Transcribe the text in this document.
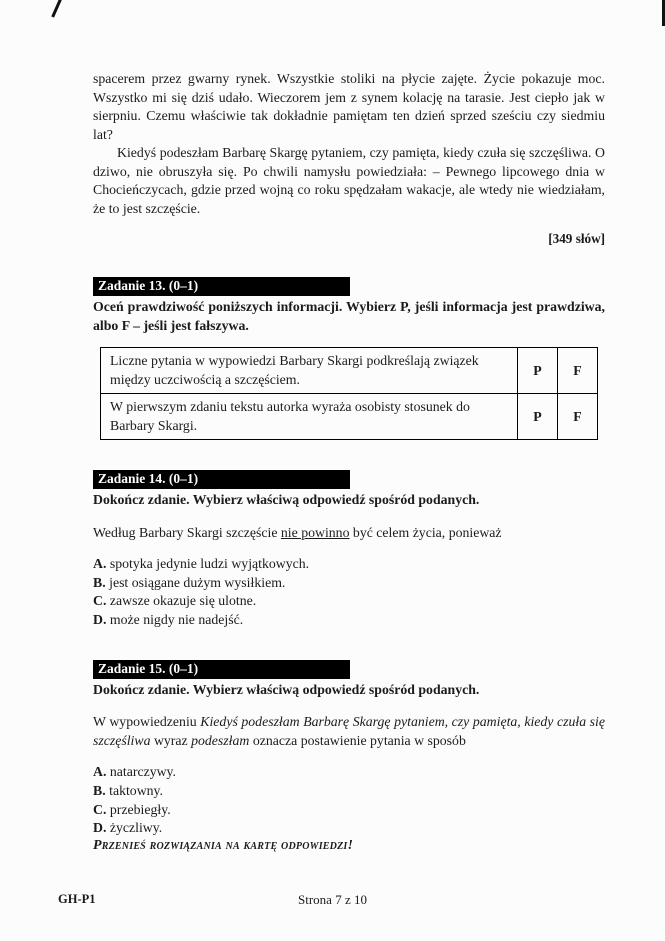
spacerem przez gwarny rynek. Wszystkie stoliki na płycie zajęte. Życie pokazuje moc. Wszystko mi się dziś udało. Wieczorem jem z synem kolację na tarasie. Jest ciepło jak w sierpniu. Czemu właściwie tak dokładnie pamiętam ten dzień sprzed sześciu czy siedmiu lat?

Kiedyś podeszłam Barbarę Skargę pytaniem, czy pamięta, kiedy czuła się szczęśliwa. O dziwo, nie obruszyła się. Po chwili namysłu powiedziała: – Pewnego lipcowego dnia w Chocieńczycach, gdzie przed wojną co roku spędzałam wakacje, ale wtedy nie wiedziałam, że to jest szczęście.

[349 słów]

Zadanie 13. (0–1)

Oceń prawdziwość poniższych informacji. Wybierz P, jeśli informacja jest prawdziwa, albo F – jeśli jest fałszywa.

Liczne pytania w wypowiedzi Barbary Skargi podkreślają związek między uczciwością a szczęściem.	P	F
W pierwszym zdaniu tekstu autorka wyraża osobisty stosunek do Barbary Skargi.	P	F
Zadanie 14. (0–1)

Dokończ zdanie. Wybierz właściwą odpowiedź spośród podanych.

Według Barbary Skargi szczęście nie powinno być celem życia, ponieważ

A. spotyka jedynie ludzi wyjątkowych.
B. jest osiągane dużym wysiłkiem.
C. zawsze okazuje się ulotne.
D. może nigdy nie nadejść.
Zadanie 15. (0–1)

Dokończ zdanie. Wybierz właściwą odpowiedź spośród podanych.

W wypowiedzeniu Kiedyś podeszłam Barbarę Skargę pytaniem, czy pamięta, kiedy czuła się szczęśliwa wyraz podeszłam oznacza postawienie pytania w sposób

A. natarczywy.
B. taktowny.
C. przebiegły.
D. życzliwy.

Przenieś rozwiązania na kartę odpowiedzi!

GH-P1	Strona 7 z 10
